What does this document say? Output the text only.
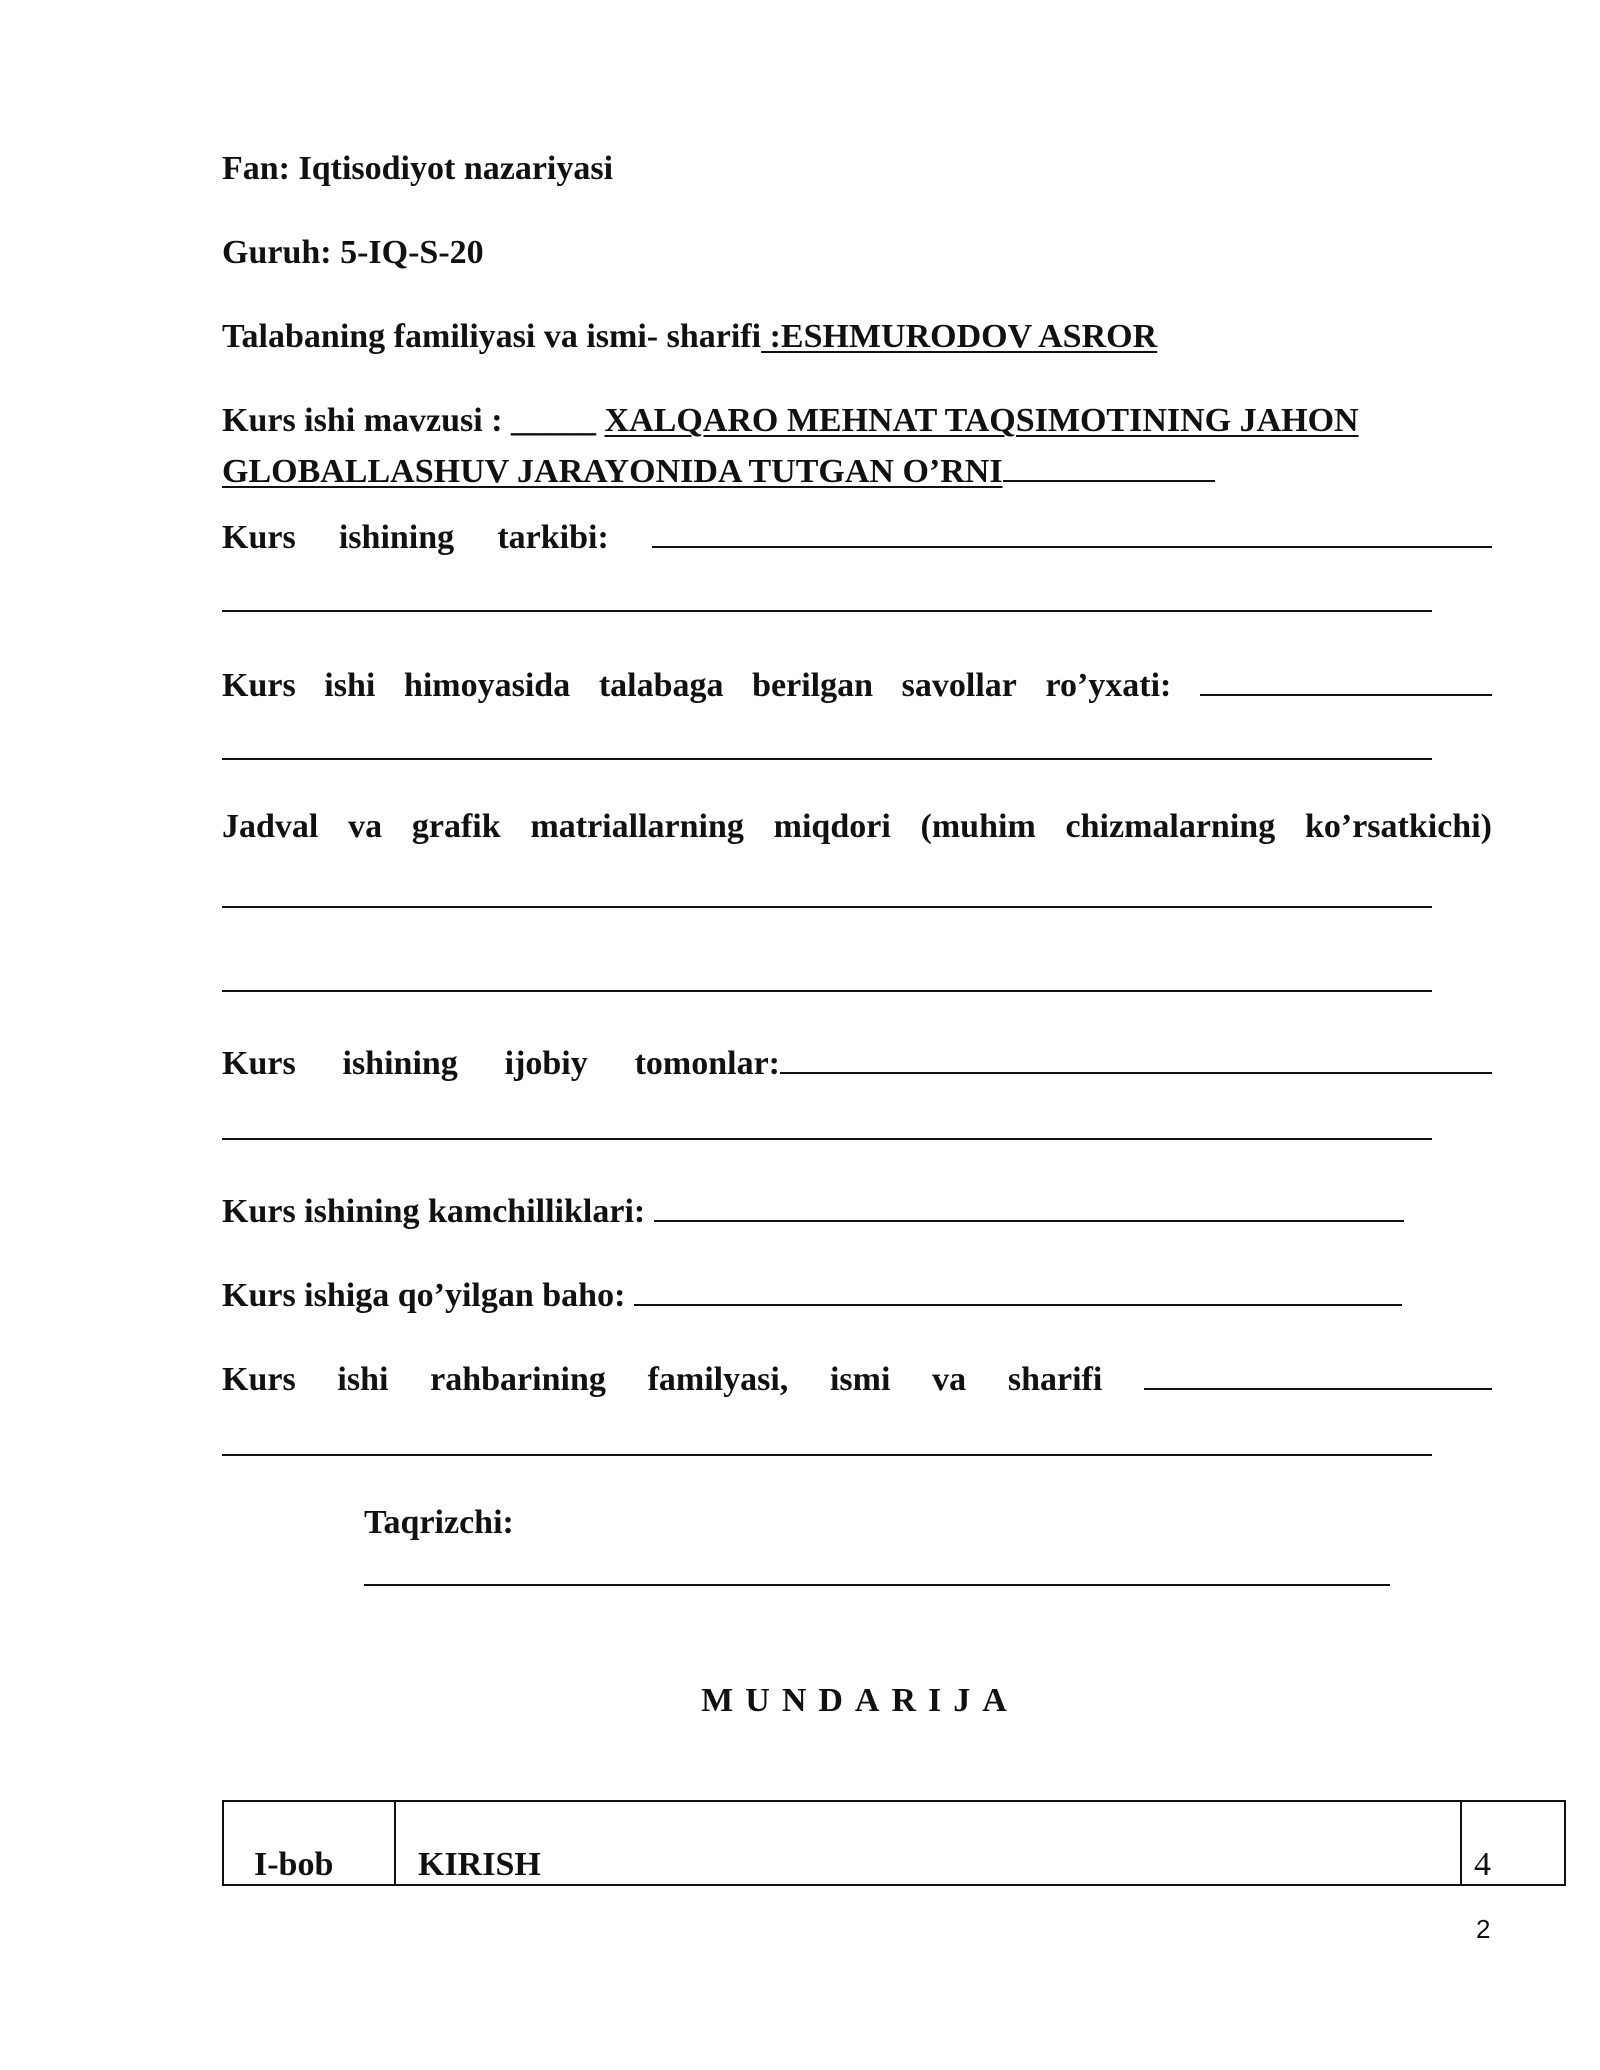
Fan: Iqtisodiyot nazariyasi
Guruh: 5-IQ-S-20
Talabaning familiyasi va ismi- sharifi :ESHMURODOV ASROR
Kurs ishi mavzusi : _____ XALQARO MEHNAT TAQSIMOTINING JAHON
GLOBALLASHUV JARAYONIDA TUTGAN O’RNI
Kurs ishining tarkibi:
Kurs ishi himoyasida talabaga berilgan savollar ro’yxati:
Jadval va grafik matriallarning miqdori (muhim chizmalarning ko’rsatkichi)
Kurs ishining ijobiy tomonlar:
Kurs ishining kamchilliklari:
Kurs ishiga qo’yilgan baho:
Kurs ishi rahbarining familyasi, ismi va sharifi
Taqrizchi:
MUNDARIJA
I-bob	KIRISH	4
2
